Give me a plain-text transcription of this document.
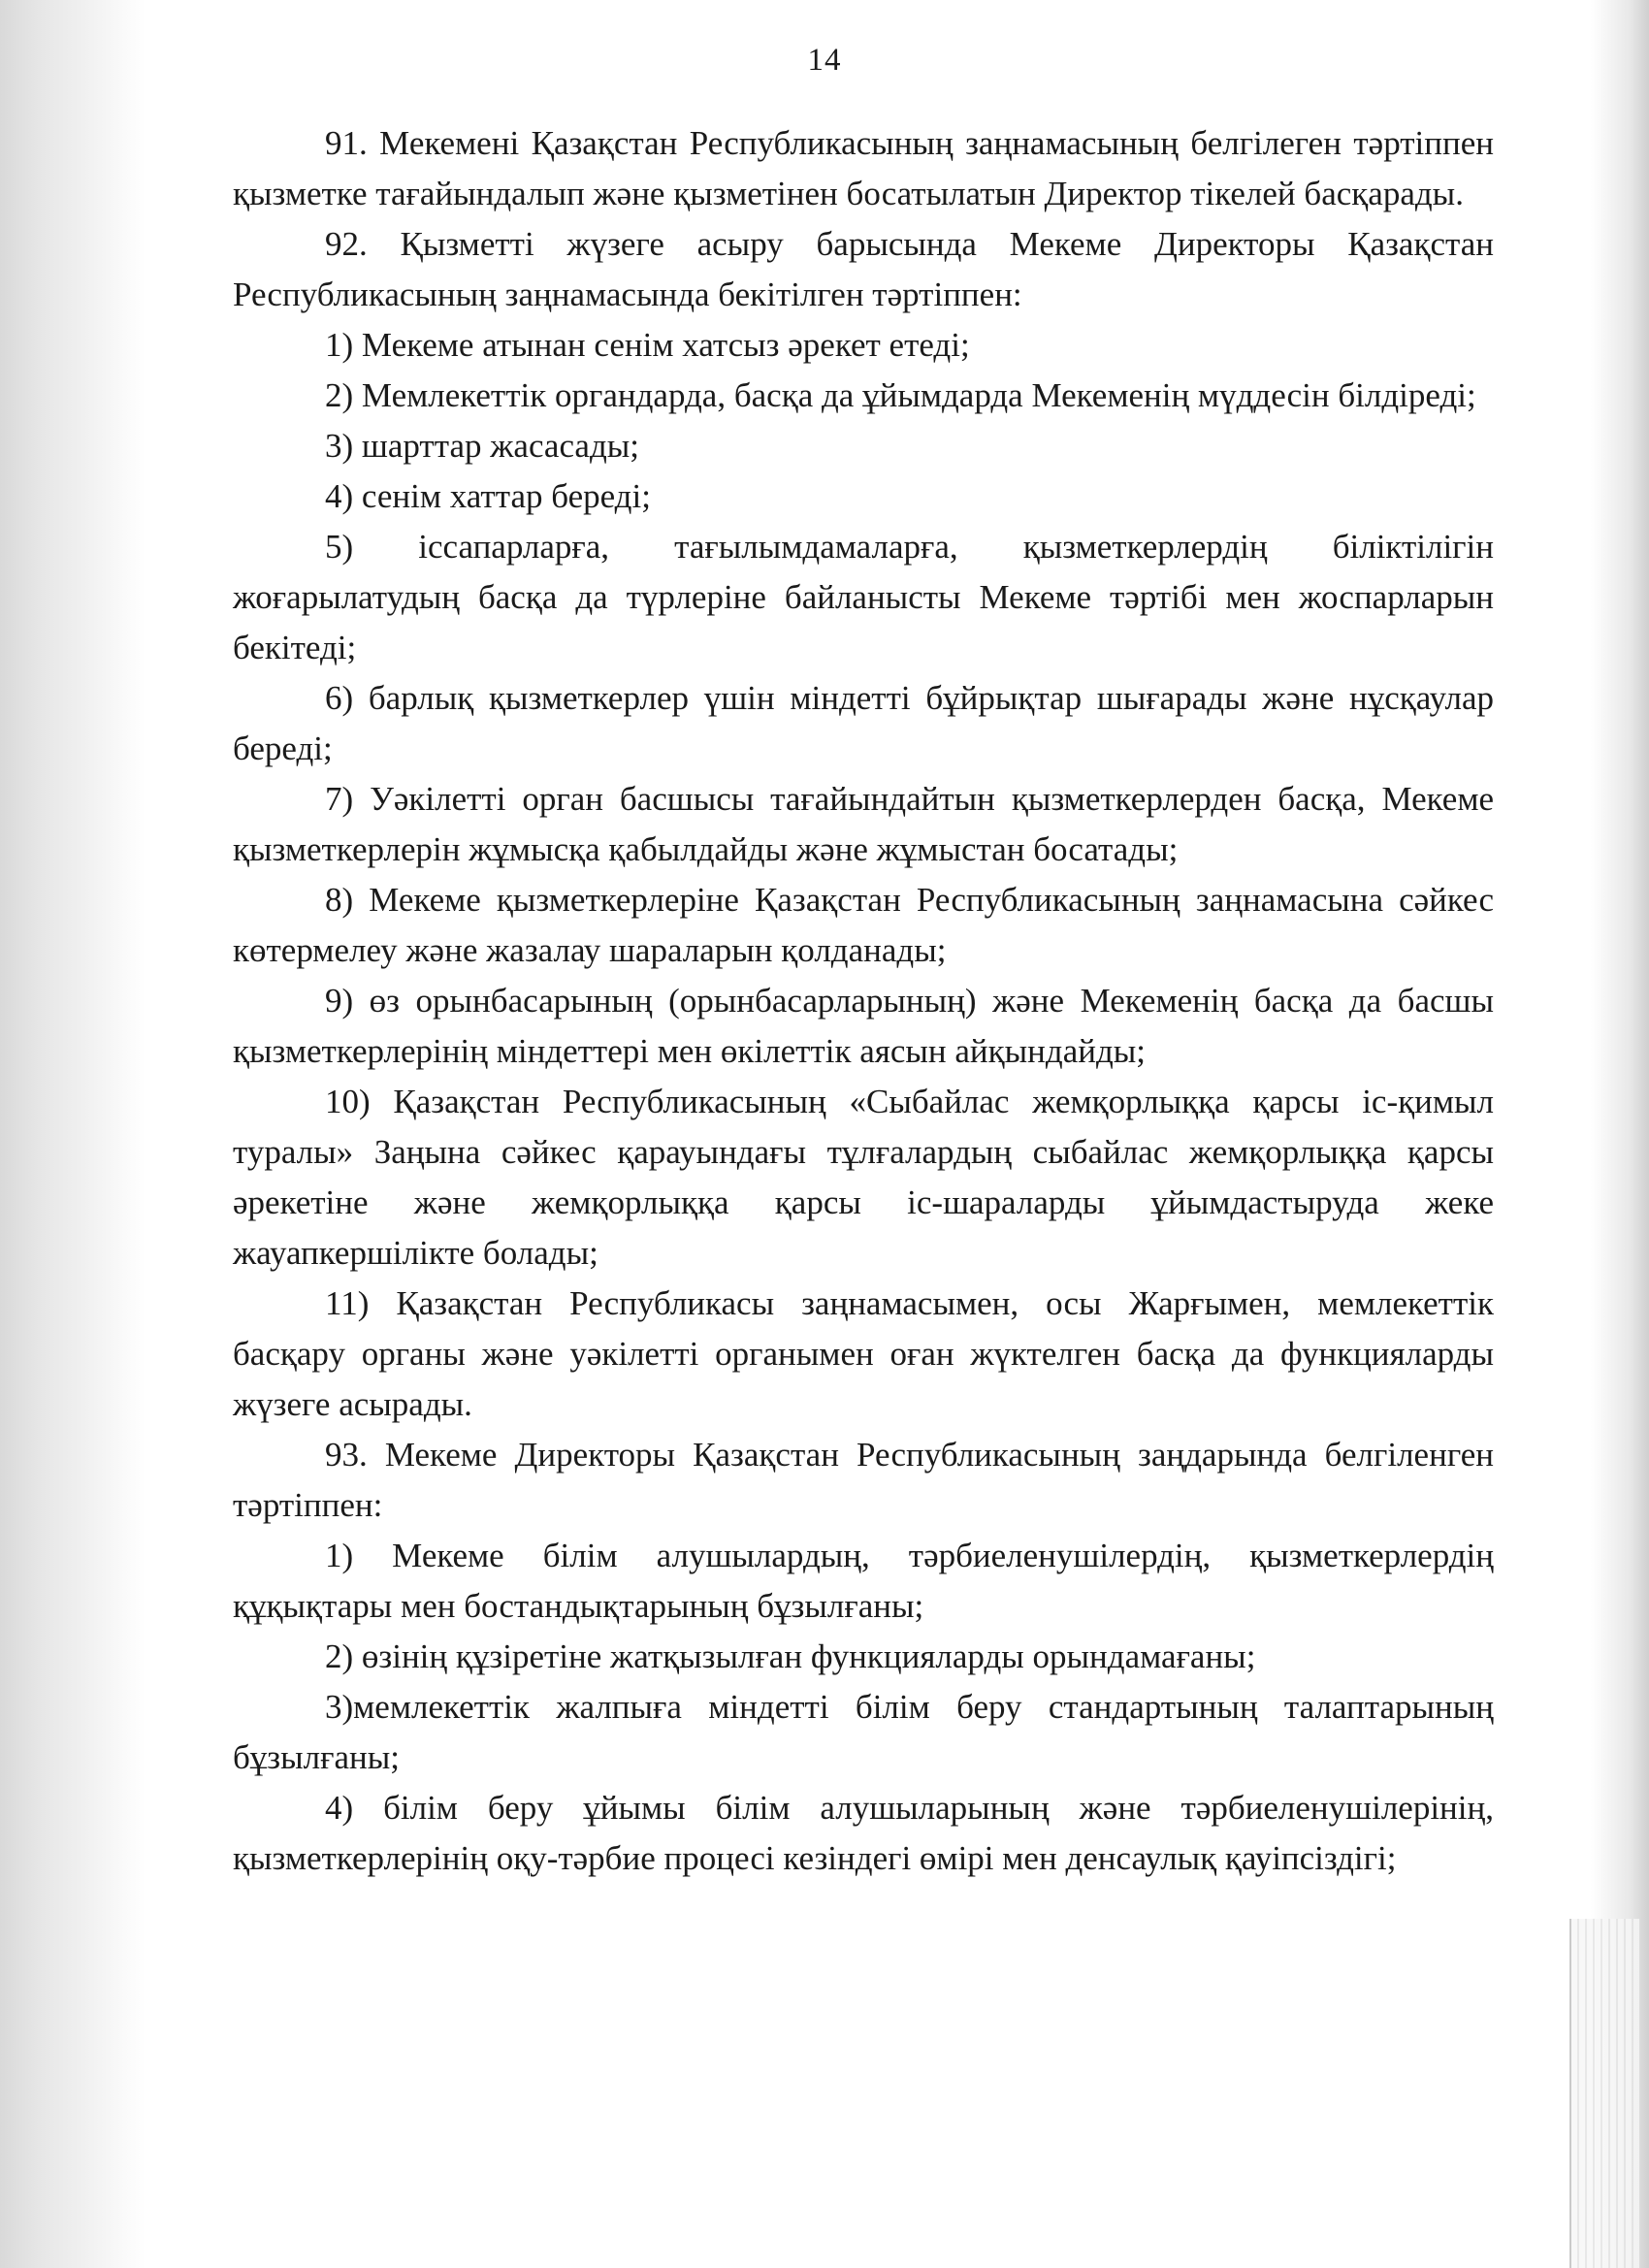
14

91. Мекемені Қазақстан Республикасының заңнамасының белгілеген тәртіппен қызметке тағайындалып және қызметінен босатылатын Директор тікелей басқарады.

92. Қызметті жүзеге асыру барысында Мекеме Директоры Қазақстан Республикасының заңнамасында бекітілген тәртіппен:

1) Мекеме атынан сенім хатсыз әрекет етеді;

2) Мемлекеттік органдарда, басқа да ұйымдарда Мекеменің мүддесін білдіреді;

3) шарттар жасасады;

4) сенім хаттар береді;

5) іссапарларға, тағылымдамаларға, қызметкерлердің біліктілігін жоғарылатудың басқа да түрлеріне байланысты Мекеме тәртібі мен жоспарларын бекітеді;

6) барлық қызметкерлер үшін міндетті бұйрықтар шығарады және нұсқаулар береді;

7) Уәкілетті орган басшысы тағайындайтын қызметкерлерден басқа, Мекеме қызметкерлерін жұмысқа қабылдайды және жұмыстан босатады;

8) Мекеме қызметкерлеріне Қазақстан Республикасының заңнамасына сәйкес көтермелеу және жазалау шараларын қолданады;

9) өз орынбасарының (орынбасарларының) және Мекеменің басқа да басшы қызметкерлерінің міндеттері мен өкілеттік аясын айқындайды;

10) Қазақстан Республикасының «Сыбайлас жемқорлыққа қарсы іс-қимыл туралы» Заңына сәйкес қарауындағы тұлғалардың сыбайлас жемқорлыққа қарсы әрекетіне және жемқорлыққа қарсы іс-шараларды ұйымдастыруда жеке жауапкершілікте болады;

11) Қазақстан Республикасы заңнамасымен, осы Жарғымен, мемлекеттік басқару органы және уәкілетті органымен оған жүктелген басқа да функцияларды жүзеге асырады.

93. Мекеме Директоры Қазақстан Республикасының заңдарында белгіленген тәртіппен:

1) Мекеме білім алушылардың, тәрбиеленушілердің, қызметкерлердің құқықтары мен бостандықтарының бұзылғаны;

2) өзінің құзіретіне жатқызылған функцияларды орындамағаны;

3)мемлекеттік жалпыға міндетті білім беру стандартының талаптарының бұзылғаны;

4) білім беру ұйымы білім алушыларының және тәрбиеленушілерінің, қызметкерлерінің оқу-тәрбие процесі кезіндегі өмірі мен денсаулық қауіпсіздігі;
